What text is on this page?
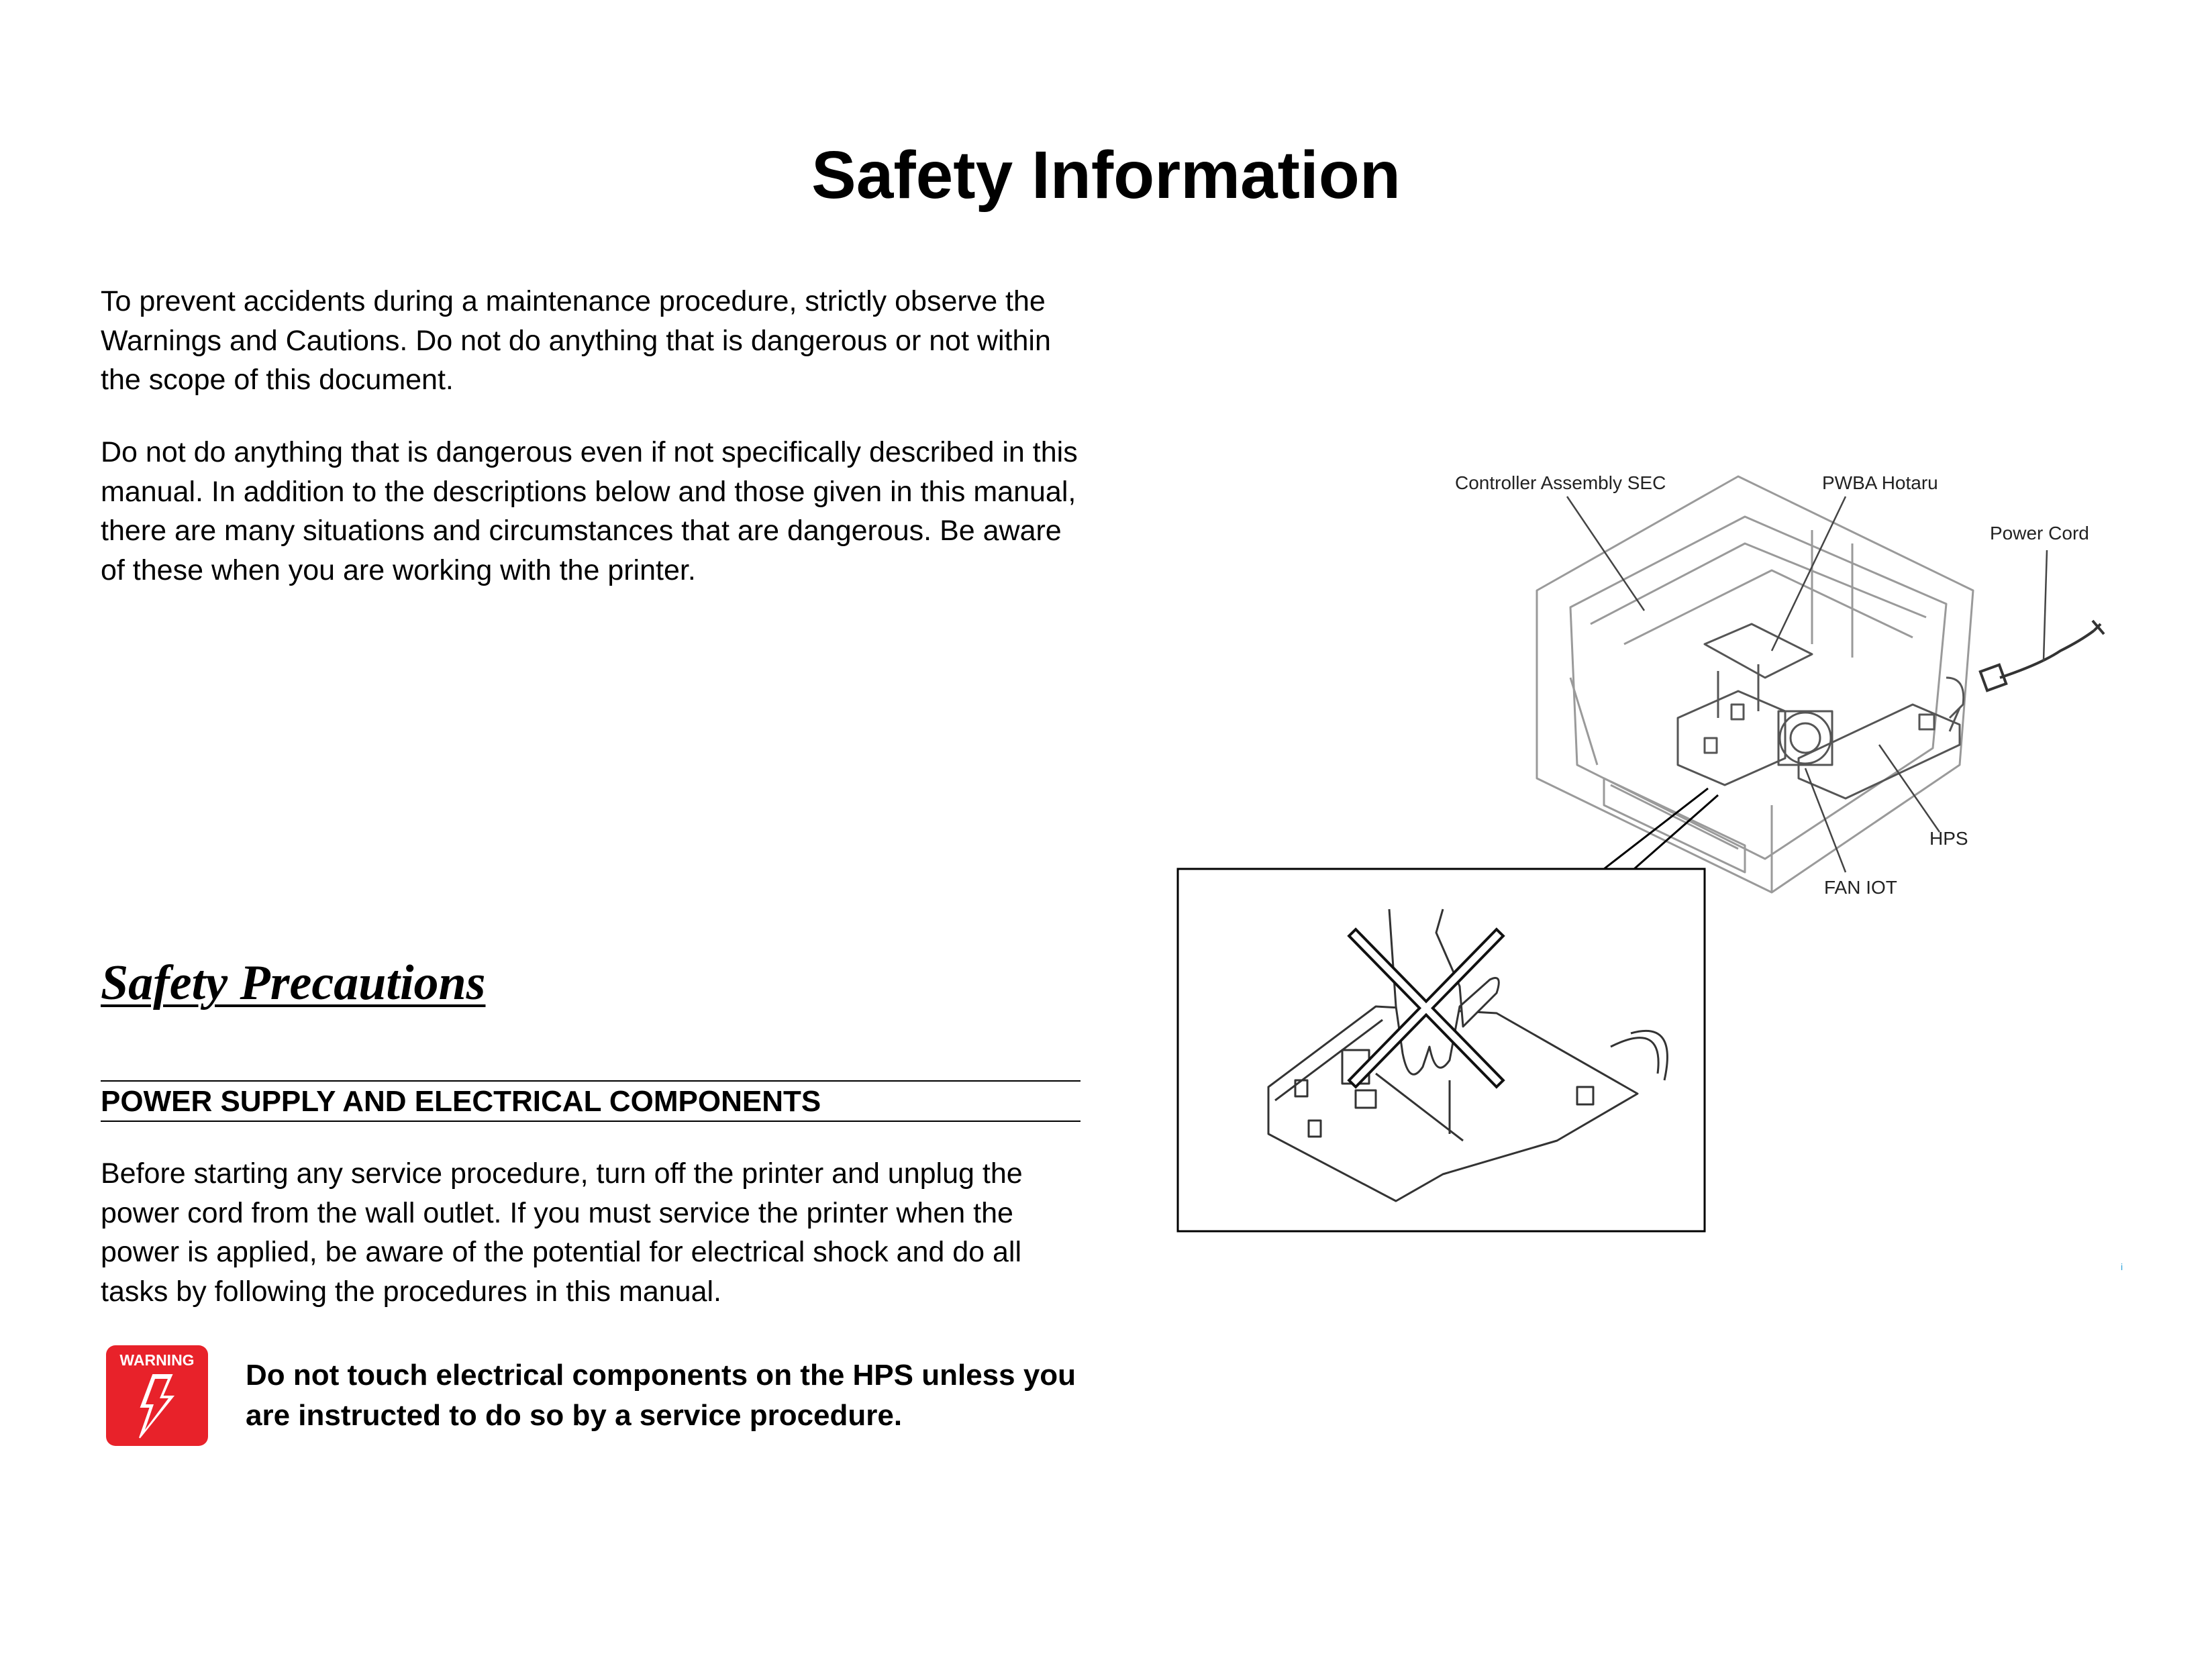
Safety Information

To prevent accidents during a maintenance procedure, strictly observe the Warnings and Cautions. Do not do anything that is dangerous or not within the scope of this document.

Do not do anything that is dangerous even if not specifically described in this manual. In addition to the descriptions below and those given in this manual, there are many situations and circumstances that are dangerous. Be aware of these when you are working with the printer.

Safety Precautions
POWER SUPPLY AND ELECTRICAL COMPONENTS

Before starting any service procedure, turn off the printer and unplug the power cord from the wall outlet. If you must service the printer when the power is applied, be aware of the potential for electrical shock and do all tasks by following the procedures in this manual.

WARNING	Do not touch electrical components on the HPS unless you are instructed to do so by a service procedure.

Controller Assembly SEC	PWBA Hotaru
Power Cord
HPS
FAN IOT
i
